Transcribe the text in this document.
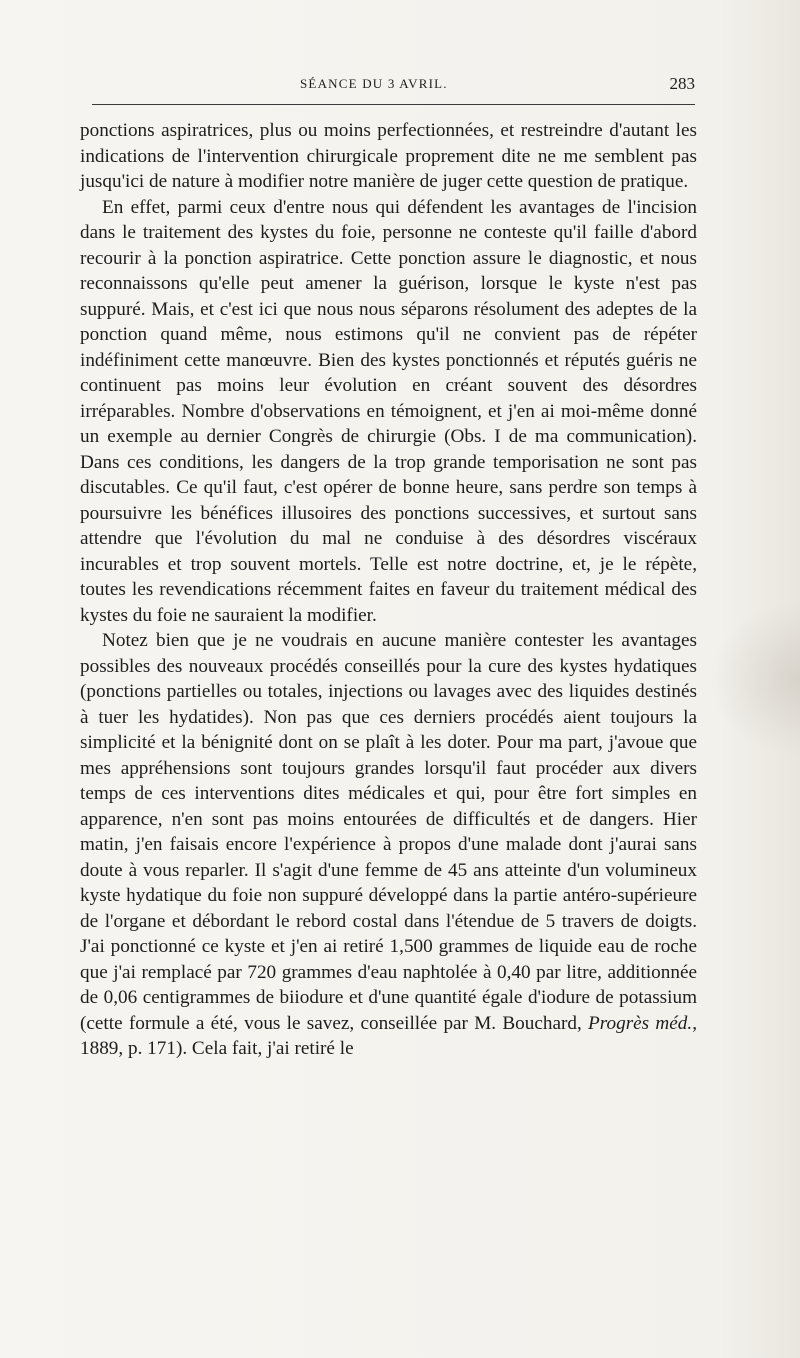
SÉANCE DU 3 AVRIL.	283

ponctions aspiratrices, plus ou moins perfectionnées, et restreindre d'autant les indications de l'intervention chirurgicale proprement dite ne me semblent pas jusqu'ici de nature à modifier notre manière de juger cette question de pratique.

En effet, parmi ceux d'entre nous qui défendent les avantages de l'incision dans le traitement des kystes du foie, personne ne conteste qu'il faille d'abord recourir à la ponction aspiratrice. Cette ponction assure le diagnostic, et nous reconnaissons qu'elle peut amener la guérison, lorsque le kyste n'est pas suppuré. Mais, et c'est ici que nous nous séparons résolument des adeptes de la ponction quand même, nous estimons qu'il ne convient pas de répéter indéfiniment cette manœuvre. Bien des kystes ponctionnés et réputés guéris ne continuent pas moins leur évolution en créant souvent des désordres irréparables. Nombre d'observations en témoignent, et j'en ai moi-même donné un exemple au dernier Congrès de chirurgie (Obs. I de ma communication). Dans ces conditions, les dangers de la trop grande temporisation ne sont pas discutables. Ce qu'il faut, c'est opérer de bonne heure, sans perdre son temps à poursuivre les bénéfices illusoires des ponctions successives, et surtout sans attendre que l'évolution du mal ne conduise à des désordres viscéraux incurables et trop souvent mortels. Telle est notre doctrine, et, je le répète, toutes les revendications récemment faites en faveur du traitement médical des kystes du foie ne sauraient la modifier.

Notez bien que je ne voudrais en aucune manière contester les avantages possibles des nouveaux procédés conseillés pour la cure des kystes hydatiques (ponctions partielles ou totales, injections ou lavages avec des liquides destinés à tuer les hydatides). Non pas que ces derniers procédés aient toujours la simplicité et la bénignité dont on se plaît à les doter. Pour ma part, j'avoue que mes appréhensions sont toujours grandes lorsqu'il faut procéder aux divers temps de ces interventions dites médicales et qui, pour être fort simples en apparence, n'en sont pas moins entourées de difficultés et de dangers. Hier matin, j'en faisais encore l'expérience à propos d'une malade dont j'aurai sans doute à vous reparler. Il s'agit d'une femme de 45 ans atteinte d'un volumineux kyste hydatique du foie non suppuré développé dans la partie antéro-supérieure de l'organe et débordant le rebord costal dans l'étendue de 5 travers de doigts. J'ai ponctionné ce kyste et j'en ai retiré 1,500 grammes de liquide eau de roche que j'ai remplacé par 720 grammes d'eau naphtolée à 0,40 par litre, additionnée de 0,06 centigrammes de biiodure et d'une quantité égale d'iodure de potassium (cette formule a été, vous le savez, conseillée par M. Bouchard, Progrès méd., 1889, p. 171). Cela fait, j'ai retiré le
